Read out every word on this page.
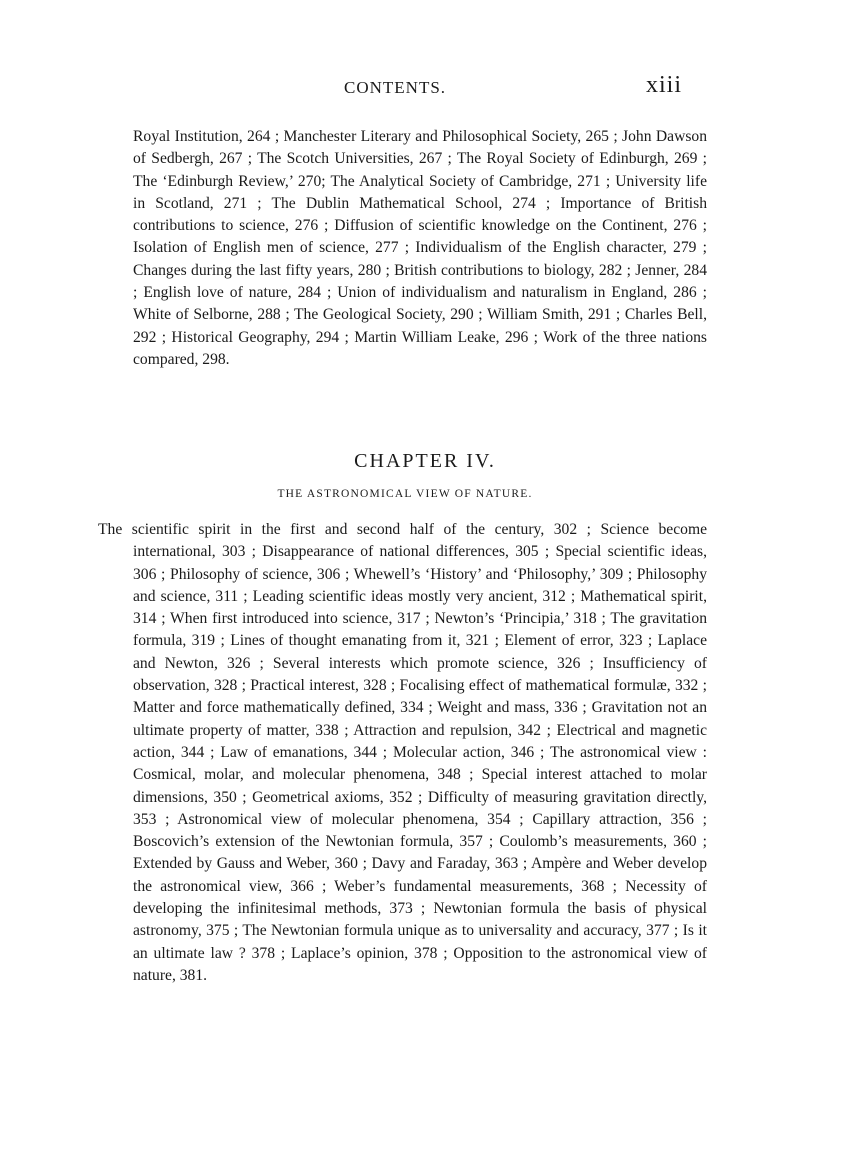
CONTENTS.	xiii

Royal Institution, 264 ; Manchester Literary and Philosophical Society, 265 ; John Dawson of Sedbergh, 267 ; The Scotch Universities, 267 ; The Royal Society of Edinburgh, 269 ; The ‘Edinburgh Review,’ 270; The Analytical Society of Cambridge, 271 ; University life in Scotland, 271 ; The Dublin Mathematical School, 274 ; Importance of British contributions to science, 276 ; Diffusion of scientific knowledge on the Continent, 276 ; Isolation of English men of science, 277 ; Individualism of the English character, 279 ; Changes during the last fifty years, 280 ; British contributions to biology, 282 ; Jenner, 284 ; English love of nature, 284 ; Union of individualism and naturalism in England, 286 ; White of Selborne, 288 ; The Geological Society, 290 ; William Smith, 291 ; Charles Bell, 292 ; Historical Geography, 294 ; Martin William Leake, 296 ; Work of the three nations compared, 298.

CHAPTER IV.
THE ASTRONOMICAL VIEW OF NATURE.

The scientific spirit in the first and second half of the century, 302 ; Science become international, 303 ; Disappearance of national differences, 305 ; Special scientific ideas, 306 ; Philosophy of science, 306 ; Whewell’s ‘History’ and ‘Philosophy,’ 309 ; Philosophy and science, 311 ; Leading scientific ideas mostly very ancient, 312 ; Mathematical spirit, 314 ; When first introduced into science, 317 ; Newton’s ‘Principia,’ 318 ; The gravitation formula, 319 ; Lines of thought emanating from it, 321 ; Element of error, 323 ; Laplace and Newton, 326 ; Several interests which promote science, 326 ; Insufficiency of observation, 328 ; Practical interest, 328 ; Focalising effect of mathematical formulæ, 332 ; Matter and force mathematically defined, 334 ; Weight and mass, 336 ; Gravitation not an ultimate property of matter, 338 ; Attraction and repulsion, 342 ; Electrical and magnetic action, 344 ; Law of emanations, 344 ; Molecular action, 346 ; The astronomical view : Cosmical, molar, and molecular phenomena, 348 ; Special interest attached to molar dimensions, 350 ; Geometrical axioms, 352 ; Difficulty of measuring gravitation directly, 353 ; Astronomical view of molecular phenomena, 354 ; Capillary attraction, 356 ; Boscovich’s extension of the Newtonian formula, 357 ; Coulomb’s measurements, 360 ; Extended by Gauss and Weber, 360 ; Davy and Faraday, 363 ; Ampère and Weber develop the astronomical view, 366 ; Weber’s fundamental measurements, 368 ; Necessity of developing the infinitesimal methods, 373 ; Newtonian formula the basis of physical astronomy, 375 ; The Newtonian formula unique as to universality and accuracy, 377 ; Is it an ultimate law ? 378 ; Laplace’s opinion, 378 ; Opposition to the astronomical view of nature, 381.
